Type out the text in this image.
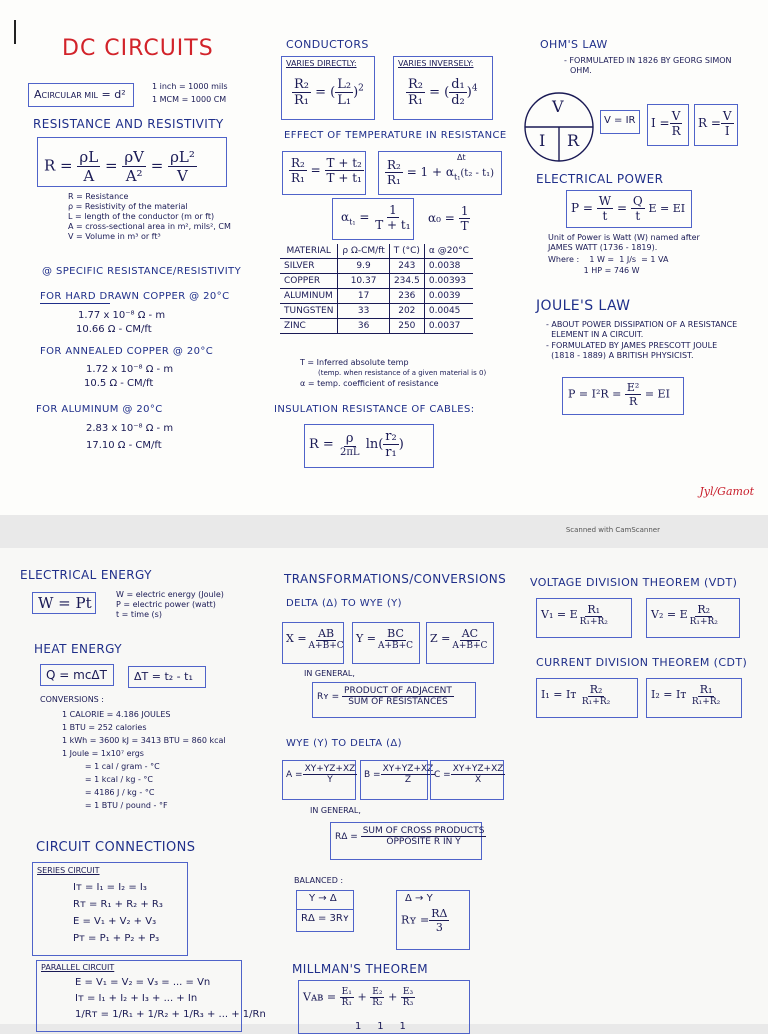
DC CIRCUITS
ACIRCULAR MIL = d²
1 inch = 1000 mils
1 MCM = 1000 CM
RESISTANCE AND RESISTIVITY
$R = \frac{\rho L}{A} = \frac{\rho V}{\text{A²}} = \frac{\text{ρL²}}{V}$
R = Resistance
ρ = Resistivity of the material
L = length of the conductor (m or ft)
A = cross-sectional area in m², mils², CM
V = Volume in m³ or ft³
@ SPECIFIC RESISTANCE/RESISTIVITY
FOR HARD DRAWN COPPER @ 20°C
1.77 x 10⁻⁸ Ω - m
10.66 Ω - CM/ft
FOR ANNEALED COPPER @ 20°C
1.72 x 10⁻⁸ Ω - m
10.5 Ω - CM/ft
FOR ALUMINUM @ 20°C
2.83 x 10⁻⁸ Ω - m
17.10 Ω - CM/ft
CONDUCTORS
VARIES DIRECTLY:
$\frac{\text{R₂}}{\text{R₁}}$ = ( $\frac{\text{L₂}}{\text{L₁}} )^2$
VARIES INVERSELY:
$\frac{\text{R₂}}{\text{R₁}}$ = ( $\frac{\text{d₁}}{\text{d₂}} )^4$
EFFECT OF TEMPERATURE IN RESISTANCE
$\frac{\text{R₂}}{\text{R₁}} = \frac{\text{T + t₂}}{\text{T + t₁}}$	Δt
$\frac{\text{R₂}}{\text{R₁}} = 1 + \alpha_{t_1}(t_2 - t_1)$
$\alpha_{t_1} = \frac{1}{\text{T + t₁}} \alpha_0 = \frac{1}{T}$
MATERIAL	ρ Ω-CM/ft	T (°C)	α @20°C
SILVER	9.9	243	0.0038
COPPER	10.37	234.5	0.00393
ALUMINUM	17	236	0.0039
TUNGSTEN	33	202	0.0045
ZINC	36	250	0.0037
T = Inferred absolute temp
(temp. when resistance of a given material is 0)
α = temp. coefficient of resistance
INSULATION RESISTANCE OF CABLES:
$R = \frac{\rho}{2\pi L} \ln( \frac{\text{r₂}}{\text{r₁}}$ )
OHM'S LAW
- FORMULATED IN 1826 BY GEORG SIMON
OHM.
V
I R
V = IR $I = \frac{V}{R}$ $R = \frac{V}{I}$
ELECTRICAL POWER
$P = \frac{W}{t} = \frac{Q}{t}$ E = EI
Unit of Power is Watt (W) named after
JAMES WATT (1736 - 1819).
Where :    1 W =  1 J/s  = 1 VA
1 HP = 746 W
JOULE'S LAW
- ABOUT POWER DISSIPATION OF A RESISTANCE
ELEMENT IN A CIRCUIT.
- FORMULATED BY JAMES PRESCOTT JOULE
(1818 - 1889) A BRITISH PHYSICIST.
$P = I^2R = \frac{\text{E²}}{R}$ = EI
Jyl/Gamot
Scanned with CamScanner
ELECTRICAL ENERGY
W = Pt	W = electric energy (Joule)
P = electric power (watt)
t = time (s)
HEAT ENERGY
Q = mcΔT ΔT = t₂ - t₁
CONVERSIONS :
1 CALORIE = 4.186 JOULES
1 BTU = 252 calories
1 kWh = 3600 kJ = 3413 BTU = 860 kcal
1 Joule = 1x10⁷ ergs
= 1 cal / gram - °C
= 1 kcal / kg - °C
= 4186 J / kg - °C
= 1 BTU / pound - °F
CIRCUIT CONNECTIONS
SERIES CIRCUIT
Iᴛ = I₁ = I₂ = I₃
Rᴛ = R₁ + R₂ + R₃
E = V₁ + V₂ + V₃
Pᴛ = P₁ + P₂ + P₃
PARALLEL CIRCUIT
E = V₁ = V₂ = V₃ = ... = Vn
Iᴛ = I₁ + I₂ + I₃ + ... + In
1/Rᴛ = 1/R₁ + 1/R₂ + 1/R₃ + ... + 1/Rn
TRANSFORMATIONS/CONVERSIONS
DELTA (Δ) TO WYE (Y)
$X = \frac{AB}{A+B+C}$ $Y = \frac{BC}{A+B+C}$ $Z = \frac{AC}{A+B+C}$
IN GENERAL,
Rʏ = $\frac{\text{PRODUCT OF ADJACENT}}{\text{SUM OF RESISTANCES}}$
WYE (Y) TO DELTA (Δ)
$A = \frac{XY+YZ+XZ}{Y}$ $B = \frac{XY+YZ+XZ}{Z}$
$C = \frac{XY+YZ+XZ}{X}$
IN GENERAL,
$R\Delta = \frac{\text{SUM OF CROSS PRODUCTS}}{\text{OPPOSITE R IN Y}}$
BALANCED :
Y → Δ
RΔ = 3Rʏ
Δ → Y
Rʏ = $\frac{R\Delta}{3}$
MILLMAN'S THEOREM
Vᴀʙ = $\frac{\text{E₁}}{\text{R₁}} + \frac{\text{E₂}}{\text{R₂}} + \frac{\text{E₃}}{\text{R₃}}$
1     1     1
VOLTAGE DIVISION THEOREM (VDT)
V₁ = E $\frac{\text{R₁}}{\text{R₁+R₂}}$	V₂ = E $\frac{\text{R₂}}{\text{R₁+R₂}}$
CURRENT DIVISION THEOREM (CDT)
I₁ = Iᴛ $\frac{\text{R₂}}{\text{R₁+R₂}}$	I₂ = Iᴛ $\frac{\text{R₁}}{\text{R₁+R₂}}$
